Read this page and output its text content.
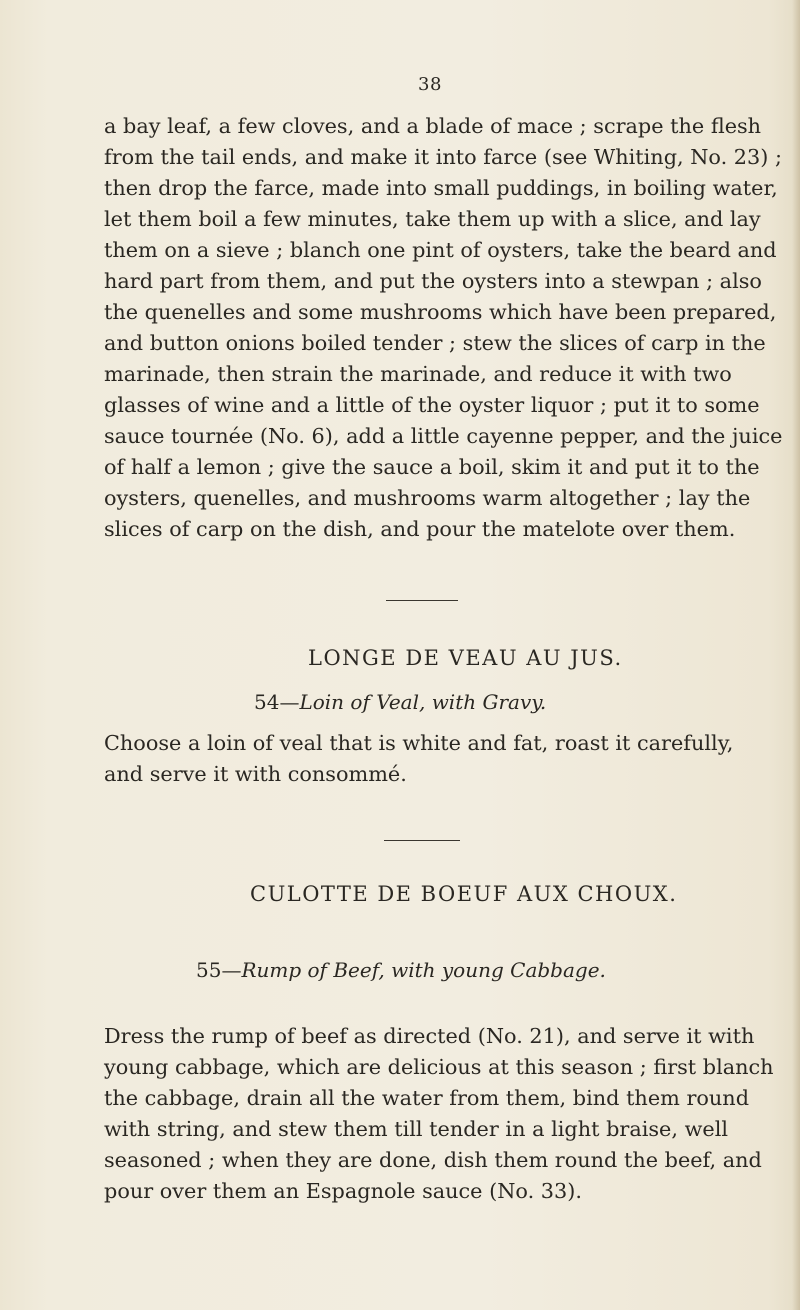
38
a bay leaf, a few cloves, and a blade of mace ; scrape the flesh
from the tail ends, and make it into farce (see Whiting, No. 23) ;
then drop the farce, made into small puddings, in boiling water,
let them boil a few minutes, take them up with a slice, and lay
them on a sieve ; blanch one pint of oysters, take the beard and
hard part from them, and put the oysters into a stewpan ; also
the quenelles and some mushrooms which have been prepared,
and button onions boiled tender ; stew the slices of carp in the
marinade, then strain the marinade, and reduce it with two
glasses of wine and a little of the oyster liquor ; put it to some
sauce tournée (No. 6), add a little cayenne pepper, and the juice
of half a lemon ; give the sauce a boil, skim it and put it to the
oysters, quenelles, and mushrooms warm altogether ; lay the
slices of carp on the dish, and pour the matelote over them.
LONGE DE VEAU AU JUS.
54—Loin of Veal, with Gravy.
Choose a loin of veal that is white and fat, roast it carefully,
and serve it with consommé.
CULOTTE DE BOEUF AUX CHOUX.
55—Rump of Beef, with young Cabbage.
Dress the rump of beef as directed (No. 21), and serve it with
young cabbage, which are delicious at this season ; first blanch
the cabbage, drain all the water from them, bind them round
with string, and stew them till tender in a light braise, well
seasoned ; when they are done, dish them round the beef, and
pour over them an Espagnole sauce (No. 33).
